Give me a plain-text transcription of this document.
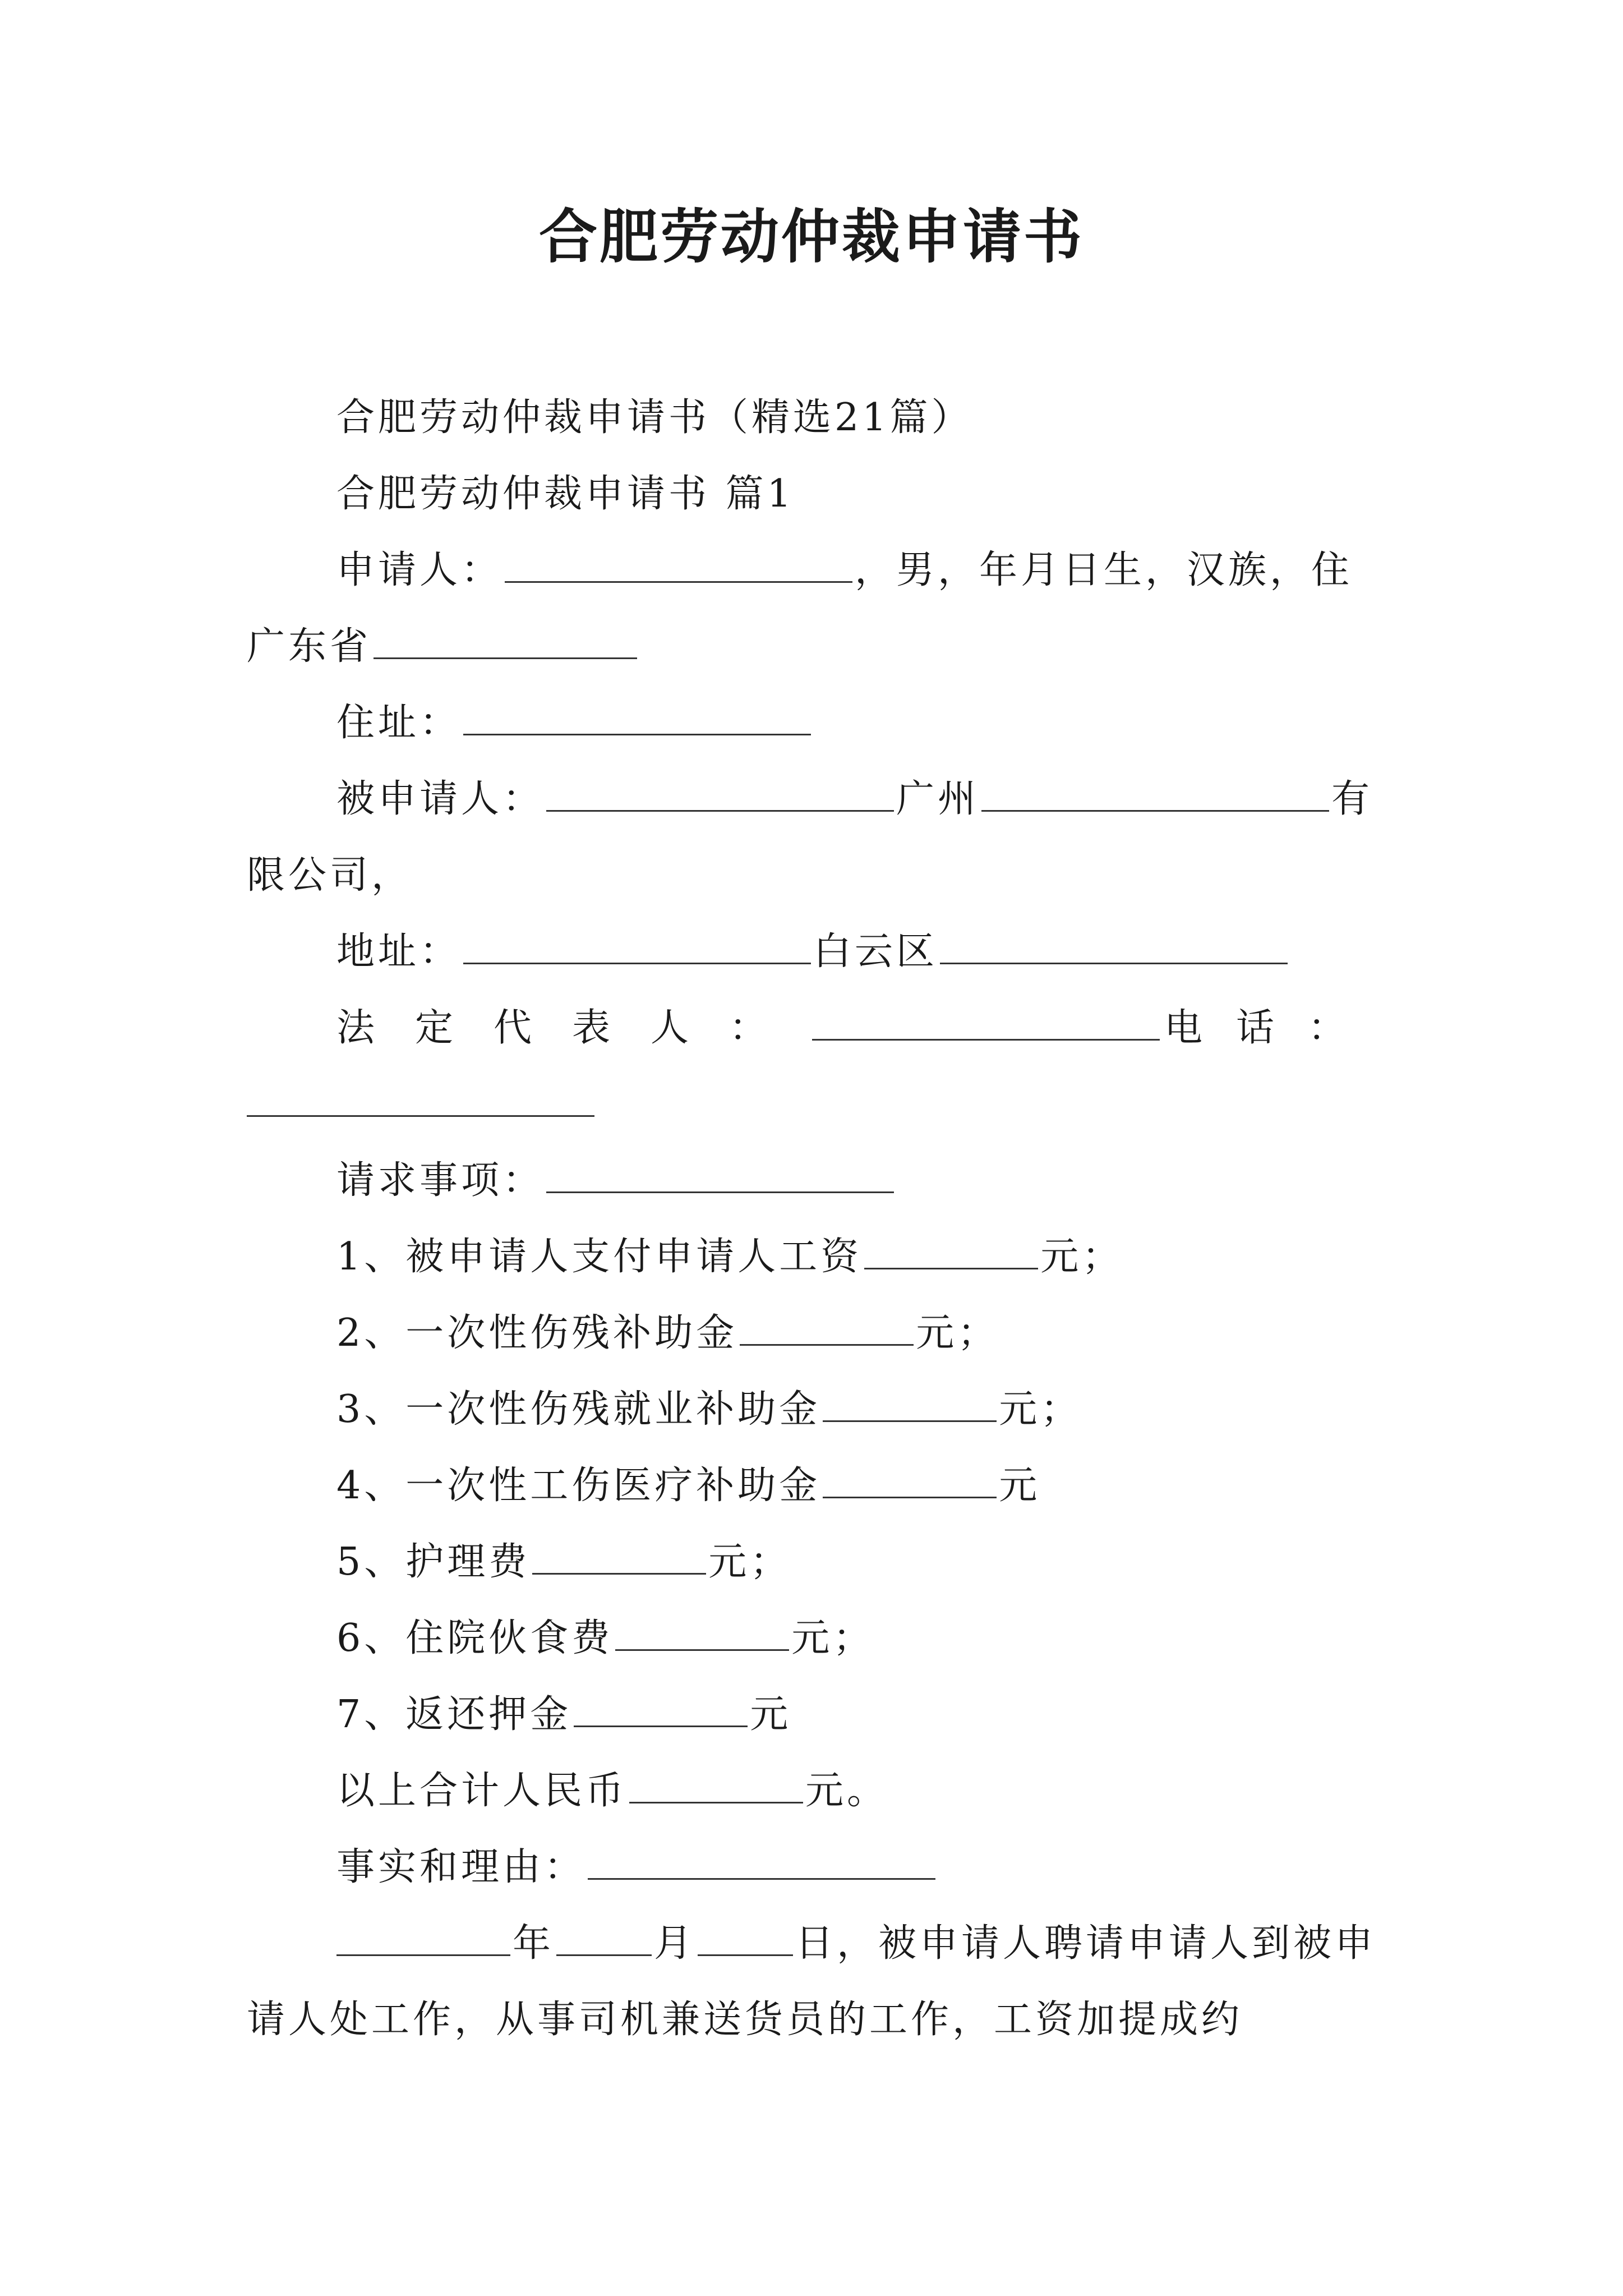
合肥劳动仲裁申请书
合肥劳动仲裁申请书（精选21篇）
合肥劳动仲裁申请书 篇1
申请人：	，男，年月日生，汉族，住
广东省
住址：
被申请人：	广州	有
限公司，
地址：	白云区
法定代表人：	电话：
请求事项：
1、被申请人支付申请人工资	元；
2、一次性伤残补助金	元；
3、一次性伤残就业补助金	元；
4、一次性工伤医疗补助金	元
5、护理费	元；
6、住院伙食费	元；
7、返还押金	元
以上合计人民币	元。
事实和理由：
年	月	日，被申请人聘请申请人到被申
请人处工作，从事司机兼送货员的工作，工资加提成约
